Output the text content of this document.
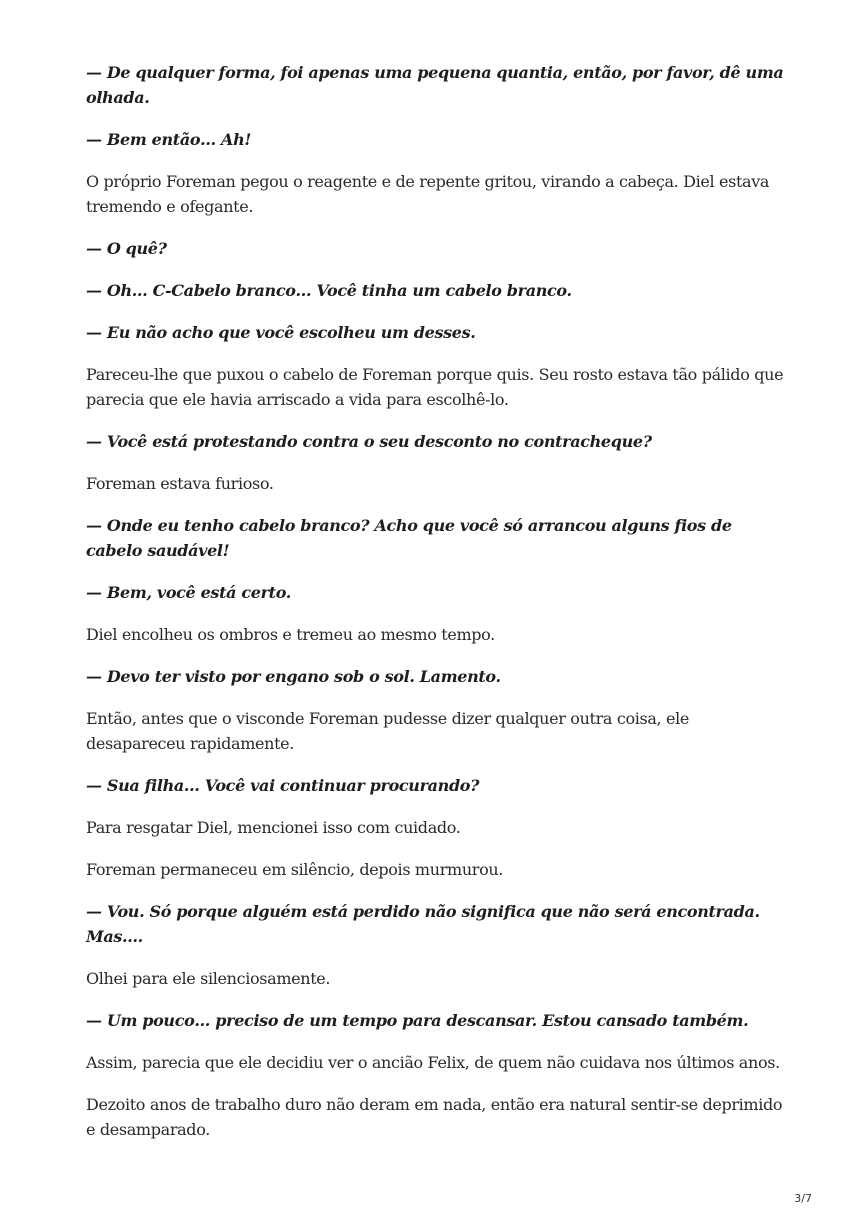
— De qualquer forma, foi apenas uma pequena quantia, então, por favor, dê uma olhada.

— Bem então… Ah!

O próprio Foreman pegou o reagente e de repente gritou, virando a cabeça. Diel estava tremendo e ofegante.

— O quê?

— Oh… C-Cabelo branco… Você tinha um cabelo branco.

— Eu não acho que você escolheu um desses.

Pareceu-lhe que puxou o cabelo de Foreman porque quis. Seu rosto estava tão pálido que parecia que ele havia arriscado a vida para escolhê-lo.

— Você está protestando contra o seu desconto no contracheque?

Foreman estava furioso.

— Onde eu tenho cabelo branco? Acho que você só arrancou alguns fios de cabelo saudável!

— Bem, você está certo.

Diel encolheu os ombros e tremeu ao mesmo tempo.

— Devo ter visto por engano sob o sol. Lamento.

Então, antes que o visconde Foreman pudesse dizer qualquer outra coisa, ele desapareceu rapidamente.

— Sua filha… Você vai continuar procurando?

Para resgatar Diel, mencionei isso com cuidado.

Foreman permaneceu em silêncio, depois murmurou.

— Vou. Só porque alguém está perdido não significa que não será encontrada. Mas….

Olhei para ele silenciosamente.

— Um pouco… preciso de um tempo para descansar. Estou cansado também.

Assim, parecia que ele decidiu ver o ancião Felix, de quem não cuidava nos últimos anos.

Dezoito anos de trabalho duro não deram em nada, então era natural sentir-se deprimido e desamparado.

3/7
